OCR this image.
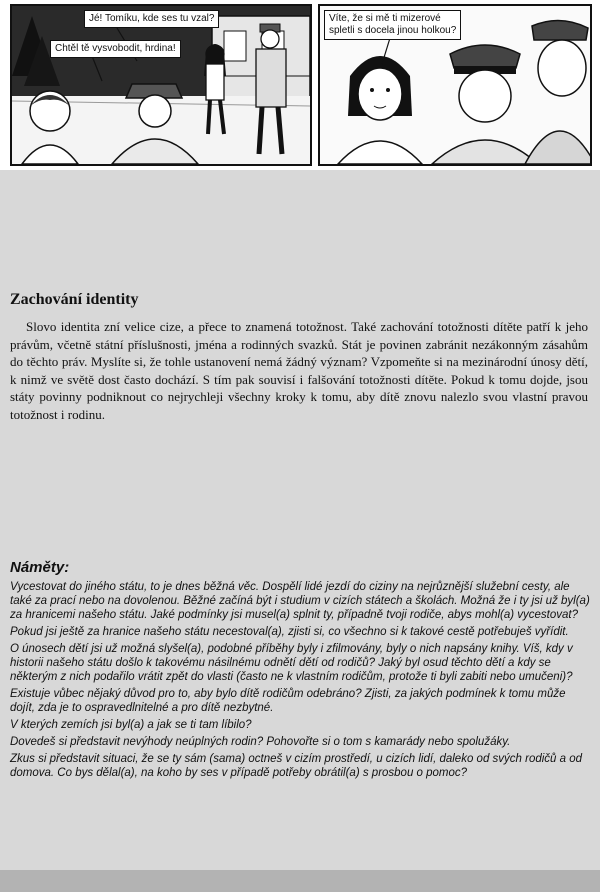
Jé! Tomíku, kde ses tu vzal?
Chtěl tě vysvobodit, hrdina!
Víte, že si mě ti mizerové
spletli s docela jinou holkou?
Zachování identity

Slovo identita zní velice cize, a přece to znamená totožnost. Také zachování totožnosti dítěte patří k jeho právům, včetně státní příslušnosti, jména a rodinných svazků. Stát je povinen zabránit nezákonným zásahům do těchto práv. Myslíte si, že tohle ustanovení nemá žádný význam? Vzpomeňte si na mezinárodní únosy dětí, k nimž ve světě dost často dochází. S tím pak souvisí i falšování totožnosti dítěte. Pokud k tomu dojde, jsou státy povinny podniknout co nejrychleji všechny kroky k tomu, aby dítě znovu nalezlo svou vlastní pravou totožnost i rodinu.

Náměty:
Vycestovat do jiného státu, to je dnes běžná věc. Dospělí lidé jezdí do ciziny na nejrůznější služební cesty, ale také za prací nebo na dovolenou. Běžné začíná být i studium v cizích státech a školách. Možná že i ty jsi už byl(a) za hranicemi našeho státu. Jaké podmínky jsi musel(a) splnit ty, případně tvoji rodiče, abys mohl(a) vycestovat?
Pokud jsi ještě za hranice našeho státu necestoval(a), zjisti si, co všechno si k takové cestě potřebuješ vyřídit.
O únosech dětí jsi už možná slyšel(a), podobné příběhy byly i zfilmovány, byly o nich napsány knihy. Víš, kdy v historii našeho státu došlo k takovému násilnému odnětí dětí od rodičů? Jaký byl osud těchto dětí a kdy se některým z nich podařilo vrátit zpět do vlasti (často ne k vlastním rodičům, protože ti byli zabiti nebo umučeni)?
Existuje vůbec nějaký důvod pro to, aby bylo dítě rodičům odebráno? Zjisti, za jakých podmínek k tomu může dojít, zda je to ospravedlnitelné a pro dítě nezbytné.
V kterých zemích jsi byl(a) a jak se ti tam líbilo?
Dovedeš si představit nevýhody neúplných rodin? Pohovořte si o tom s kamarády nebo spolužáky.
Zkus si představit situaci, že se ty sám (sama) octneš v cizím prostředí, u cizích lidí, daleko od svých rodičů a od domova. Co bys dělal(a), na koho by ses v případě potřeby obrátil(a) s prosbou o pomoc?
